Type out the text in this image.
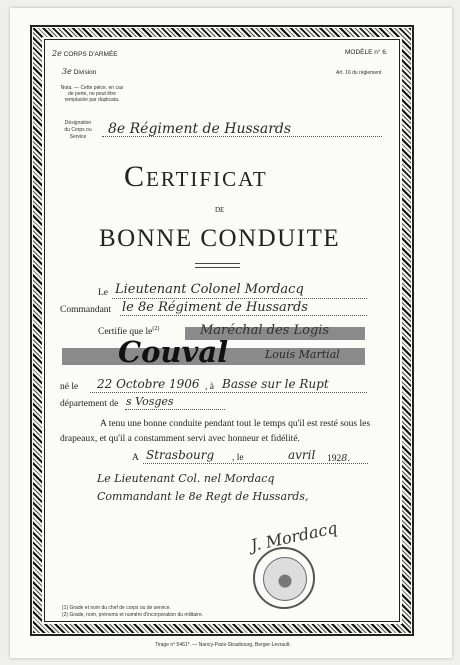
2e CORPS D'ARMÉE
3e Division
Nota. — Cette pièce, en cas de perte, ne peut être remplacée par duplicata.
MODÈLE n° 6.
Art. 16 du règlement
Désignation du Corps ou Service	8e Régiment de Hussards
Certificat
DE
BONNE CONDUITE
Le Lieutenant Colonel Mordacq
Commandant le 8e Régiment de Hussards
Certifie que $le^{(2)}$	Maréchal des Logis
Couval	Louis Martial
né le 22 Octobre 1906 , à Basse sur le Rupt
département de s Vosges
A tenu une bonne conduite pendant tout le temps qu'il est resté sous les drapeaux, et qu'il a constamment servi avec honneur et fidélité.
A Strasbourg , le	avril 1928.
Le Lieutenant Col. nel Mordacq
Commandant le 8e Regt de Hussards,
J. Mordacq
(1) Grade et nom du chef de corps ou de service.
(2) Grade, nom, prénoms et numéro d'incorporation du militaire.
Tirage n° 5461*. — Nancy-Paris-Strasbourg, Berger-Levrault.
